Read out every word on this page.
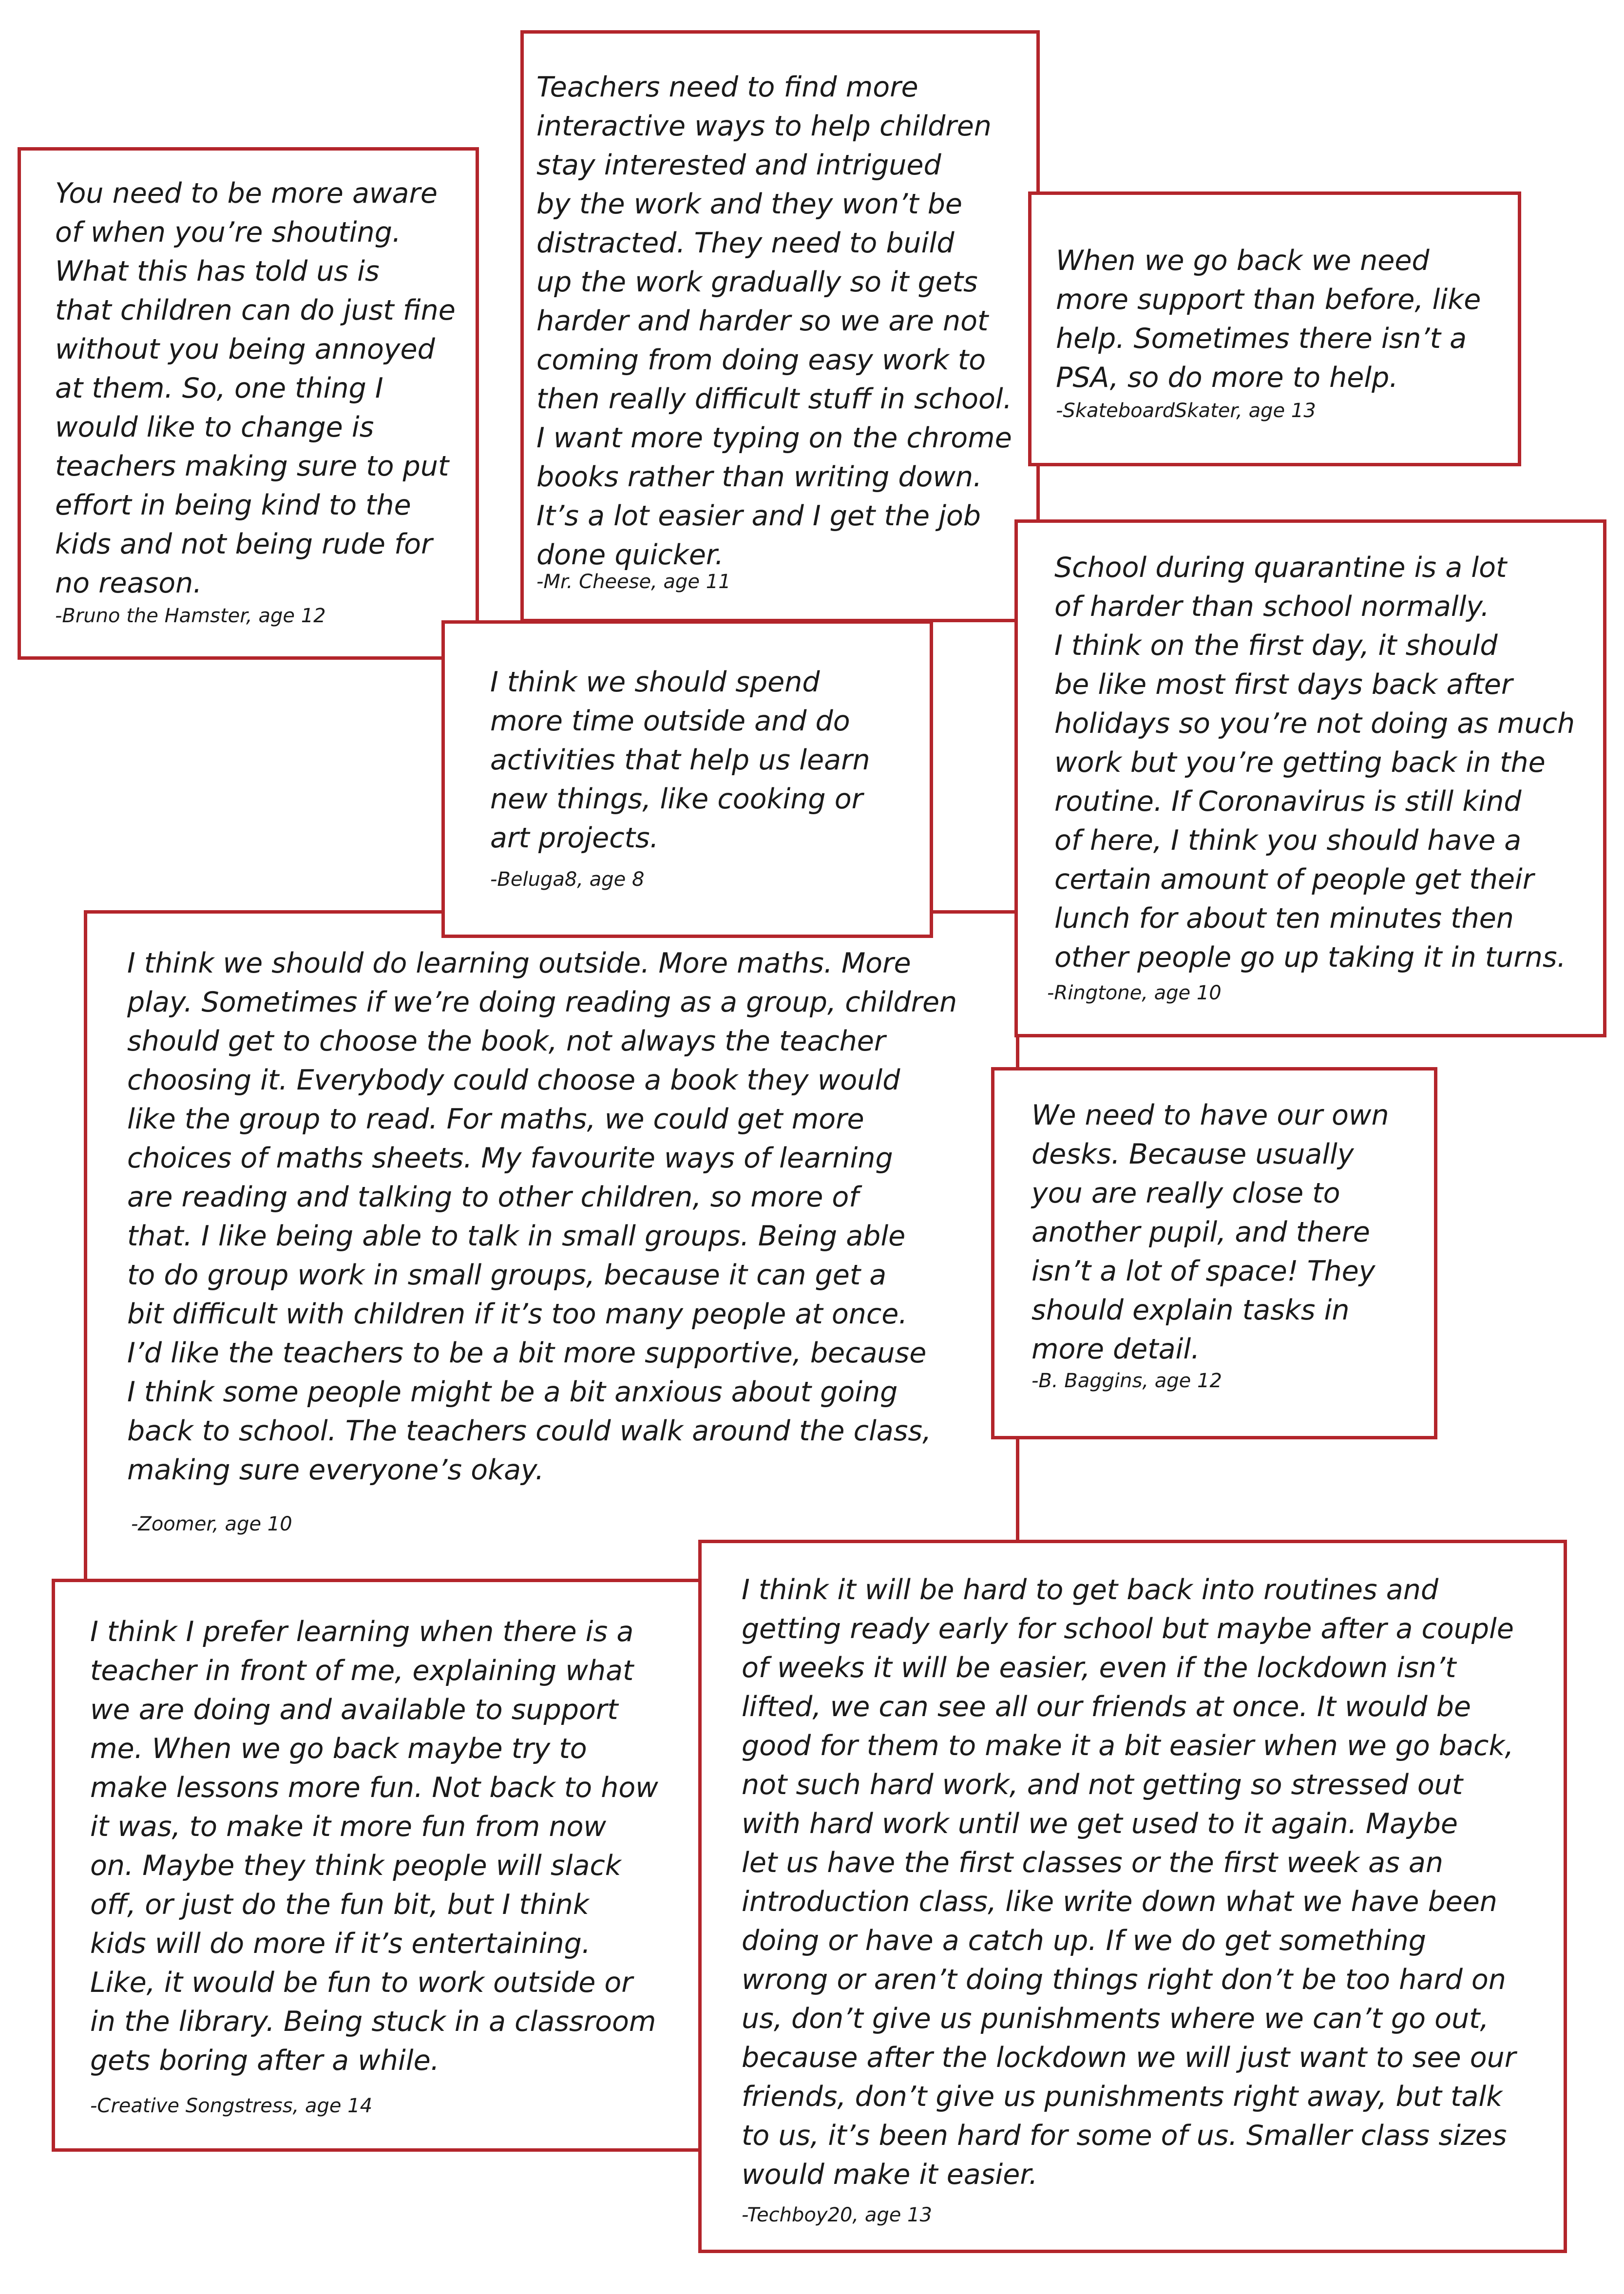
I think we should do learning outside. More maths. More
play. Sometimes if we’re doing reading as a group, children
should get to choose the book, not always the teacher
choosing it. Everybody could choose a book they would
like the group to read. For maths, we could get more
choices of maths sheets. My favourite ways of learning
are reading and talking to other children, so more of
that. I like being able to talk in small groups. Being able
to do group work in small groups, because it can get a
bit difficult with children if it’s too many people at once.
I’d like the teachers to be a bit more supportive, because
I think some people might be a bit anxious about going
back to school. The teachers could walk around the class,
making sure everyone’s okay.

-Zoomer, age 10

Teachers need to find more
interactive ways to help children
stay interested and intrigued
by the work and they won’t be
distracted. They need to build
up the work gradually so it gets
harder and harder so we are not
coming from doing easy work to
then really difficult stuff in school.
I want more typing on the chrome
books rather than writing down.
It’s a lot easier and I get the job
done quicker.

-Mr. Cheese, age 11

You need to be more aware
of when you’re shouting.
What this has told us is
that children can do just fine
without you being annoyed
at them. So, one thing I
would like to change is
teachers making sure to put
effort in being kind to the
kids and not being rude for
no reason.

-Bruno the Hamster, age 12

When we go back we need
more support than before, like
help. Sometimes there isn’t a
PSA, so do more to help.

-SkateboardSkater, age 13

I think we should spend
more time outside and do
activities that help us learn
new things, like cooking or
art projects.

-Beluga8, age 8

School during quarantine is a lot
of harder than school normally.
I think on the first day, it should
be like most first days back after
holidays so you’re not doing as much
work but you’re getting back in the
routine. If Coronavirus is still kind
of here, I think you should have a
certain amount of people get their
lunch for about ten minutes then
other people go up taking it in turns.

-Ringtone, age 10

We need to have our own
desks. Because usually
you are really close to
another pupil, and there
isn’t a lot of space! They
should explain tasks in
more detail.

-B. Baggins, age 12

I think I prefer learning when there is a
teacher in front of me, explaining what
we are doing and available to support
me. When we go back maybe try to
make lessons more fun. Not back to how
it was, to make it more fun from now
on. Maybe they think people will slack
off, or just do the fun bit, but I think
kids will do more if it’s entertaining.
Like, it would be fun to work outside or
in the library. Being stuck in a classroom
gets boring after a while.

-Creative Songstress, age 14

I think it will be hard to get back into routines and
getting ready early for school but maybe after a couple
of weeks it will be easier, even if the lockdown isn’t
lifted, we can see all our friends at once. It would be
good for them to make it a bit easier when we go back,
not such hard work, and not getting so stressed out
with hard work until we get used to it again. Maybe
let us have the first classes or the first week as an
introduction class, like write down what we have been
doing or have a catch up. If we do get something
wrong or aren’t doing things right don’t be too hard on
us, don’t give us punishments where we can’t go out,
because after the lockdown we will just want to see our
friends, don’t give us punishments right away, but talk
to us, it’s been hard for some of us. Smaller class sizes
would make it easier.

-Techboy20, age 13
